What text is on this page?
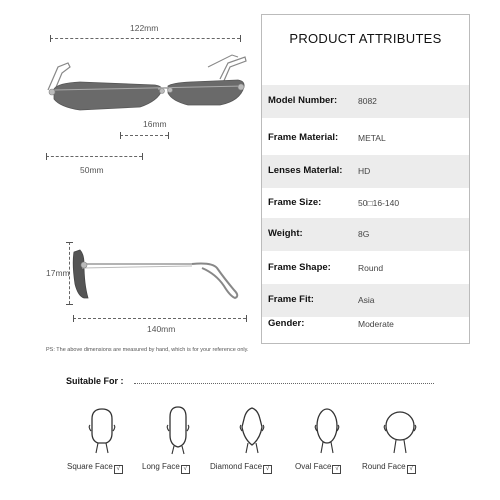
122mm
16mm
50mm
17mm
140mm
PRODUCT ATTRIBUTES
Model Number: 8082
Frame Material: METAL
Lenses Materlal: HD
Frame Size:	50□16-140
Weight:	8G
Frame Shape:	Round
Frame Fit:	Asia
Gender:	Moderate
PS: The above dimensions are measured by hand, which is for your reference only.
Suitable For :
Square Face √	Long Face √	Diamond Face √	Oval Face √	Round Face √
